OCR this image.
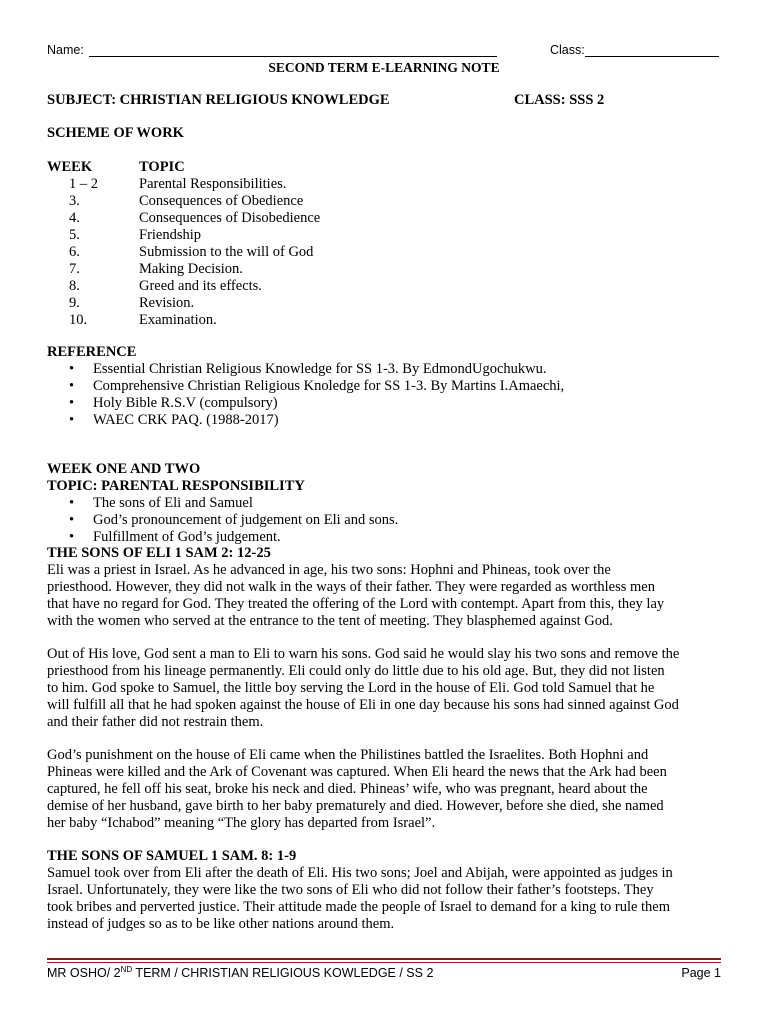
Name:	Class:
SECOND TERM E-LEARNING NOTE
SUBJECT: CHRISTIAN RELIGIOUS KNOWLEDGE	CLASS: SSS 2
SCHEME OF WORK
WEEK	TOPIC
1 – 2	Parental Responsibilities.
3.	Consequences of Obedience
4.	Consequences of Disobedience
5.	Friendship
6.	Submission to the will of God
7.	Making Decision.
8.	Greed and its effects.
9.	Revision.
10.	Examination.
REFERENCE
• Essential Christian Religious Knowledge for SS 1-3. By EdmondUgochukwu.
• Comprehensive Christian Religious Knoledge for SS 1-3. By Martins I.Amaechi,
• Holy Bible R.S.V (compulsory)
• WAEC CRK PAQ. (1988-2017)
WEEK ONE AND TWO
TOPIC: PARENTAL RESPONSIBILITY
• The sons of Eli and Samuel
• God’s pronouncement of judgement on Eli and sons.
• Fulfillment of God’s judgement.
THE SONS OF ELI 1 SAM 2: 12-25
Eli was a priest in Israel. As he advanced in age, his two sons: Hophni and Phineas, took over the
priesthood. However, they did not walk in the ways of their father. They were regarded as worthless men
that have no regard for God. They treated the offering of the Lord with contempt. Apart from this, they lay
with the women who served at the entrance to the tent of meeting. They blasphemed against God.
Out of His love, God sent a man to Eli to warn his sons. God said he would slay his two sons and remove the
priesthood from his lineage permanently. Eli could only do little due to his old age. But, they did not listen
to him. God spoke to Samuel, the little boy serving the Lord in the house of Eli. God told Samuel that he
will fulfill all that he had spoken against the house of Eli in one day because his sons had sinned against God
and their father did not restrain them.
God’s punishment on the house of Eli came when the Philistines battled the Israelites. Both Hophni and
Phineas were killed and the Ark of Covenant was captured. When Eli heard the news that the Ark had been
captured, he fell off his seat, broke his neck and died. Phineas’ wife, who was pregnant, heard about the
demise of her husband, gave birth to her baby prematurely and died. However, before she died, she named
her baby “Ichabod” meaning “The glory has departed from Israel”.
THE SONS OF SAMUEL 1 SAM. 8: 1-9
Samuel took over from Eli after the death of Eli. His two sons; Joel and Abijah, were appointed as judges in
Israel. Unfortunately, they were like the two sons of Eli who did not follow their father’s footsteps. They
took bribes and perverted justice. Their attitude made the people of Israel to demand for a king to rule them
instead of judges so as to be like other nations around them.
MR OSHO/ 2ND TERM / CHRISTIAN RELIGIOUS KOWLEDGE / SS 2	Page 1
